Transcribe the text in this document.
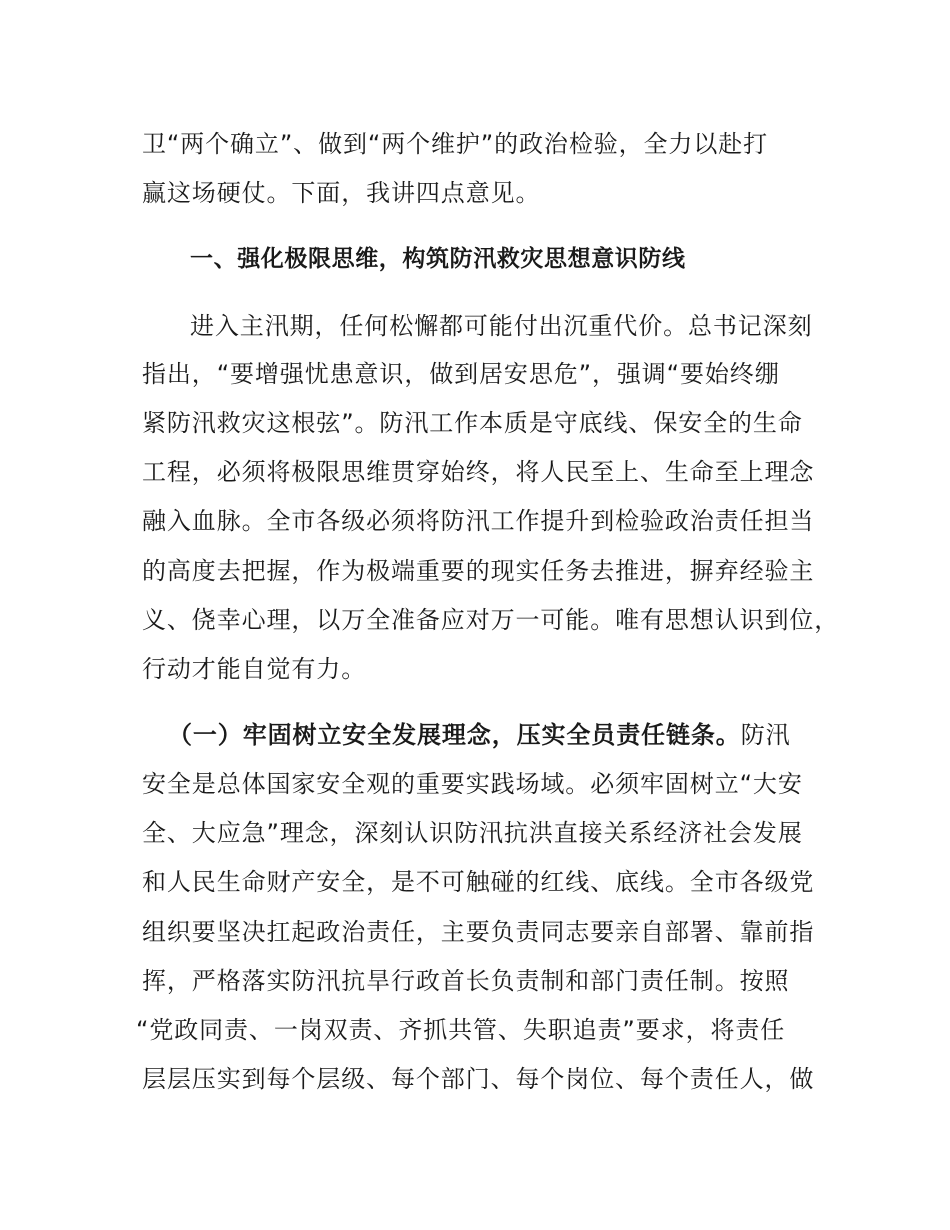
卫“两个确立”、做到“两个维护”的政治检验，全力以赴打
赢这场硬仗。下面，我讲四点意见。
一、强化极限思维，构筑防汛救灾思想意识防线
进入主汛期，任何松懈都可能付出沉重代价。总书记深刻
指出，“要增强忧患意识，做到居安思危”，强调“要始终绷
紧防汛救灾这根弦”。防汛工作本质是守底线、保安全的生命
工程，必须将极限思维贯穿始终，将人民至上、生命至上理念
融入血脉。全市各级必须将防汛工作提升到检验政治责任担当
的高度去把握，作为极端重要的现实任务去推进，摒弃经验主
义、侥幸心理，以万全准备应对万一可能。唯有思想认识到位，
行动才能自觉有力。
（一）牢固树立安全发展理念，压实全员责任链条。防汛
安全是总体国家安全观的重要实践场域。必须牢固树立“大安
全、大应急”理念，深刻认识防汛抗洪直接关系经济社会发展
和人民生命财产安全，是不可触碰的红线、底线。全市各级党
组织要坚决扛起政治责任，主要负责同志要亲自部署、靠前指
挥，严格落实防汛抗旱行政首长负责制和部门责任制。按照
“党政同责、一岗双责、齐抓共管、失职追责”要求，将责任
层层压实到每个层级、每个部门、每个岗位、每个责任人，做
